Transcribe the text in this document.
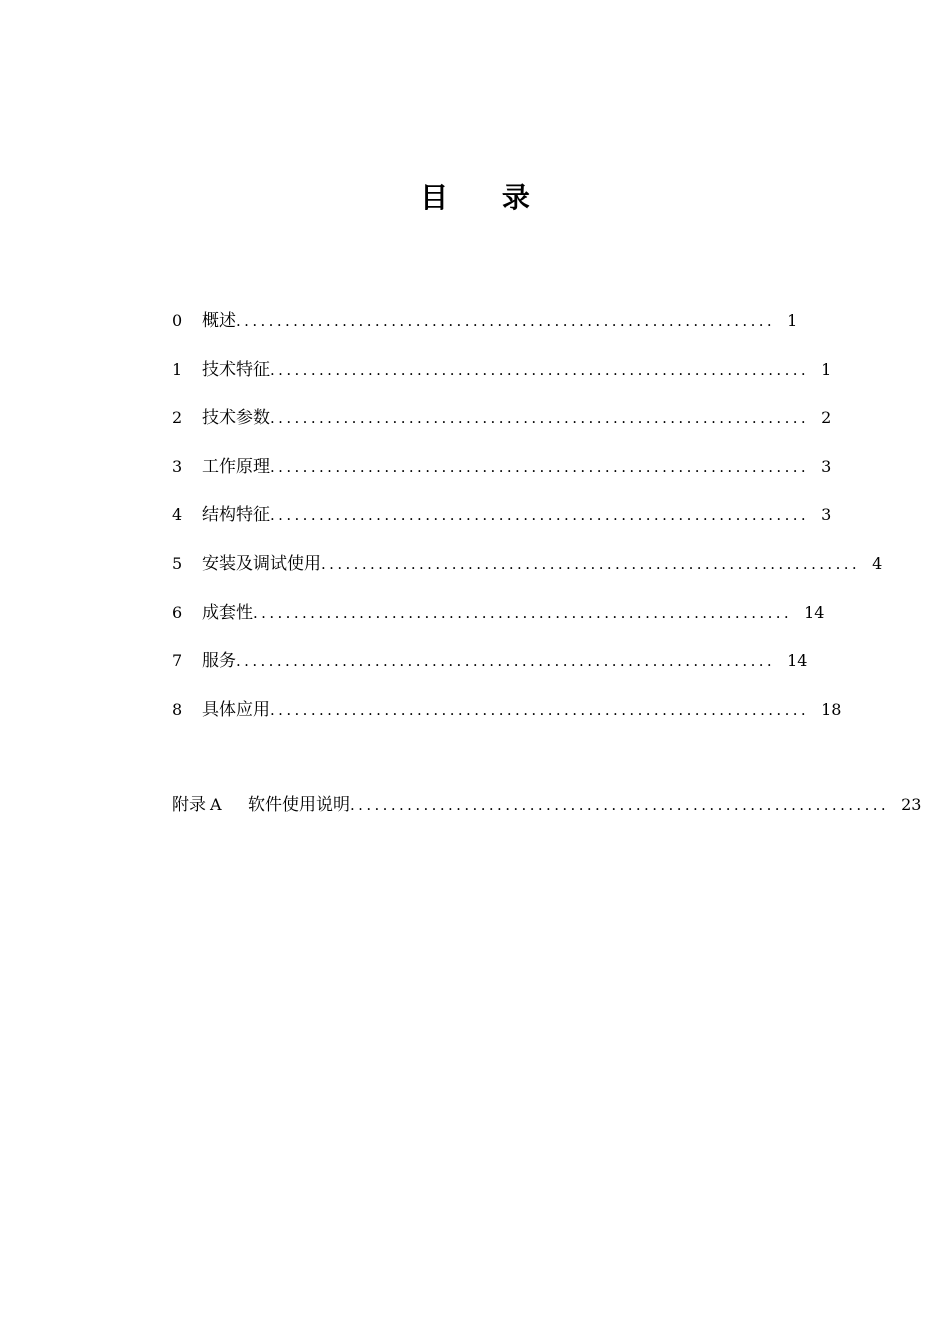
目 录
0	概述 .................................................................. 1
1	技术特征 .................................................................. 1
2	技术参数 .................................................................. 2
3	工作原理 .................................................................. 3
4	结构特征 .................................................................. 3
5	安装及调试使用 .................................................................. 4
6	成套性 .................................................................. 14
7	服务 .................................................................. 14
8	具体应用 .................................................................. 18
附录 A	软件使用说明 .................................................................. 23
